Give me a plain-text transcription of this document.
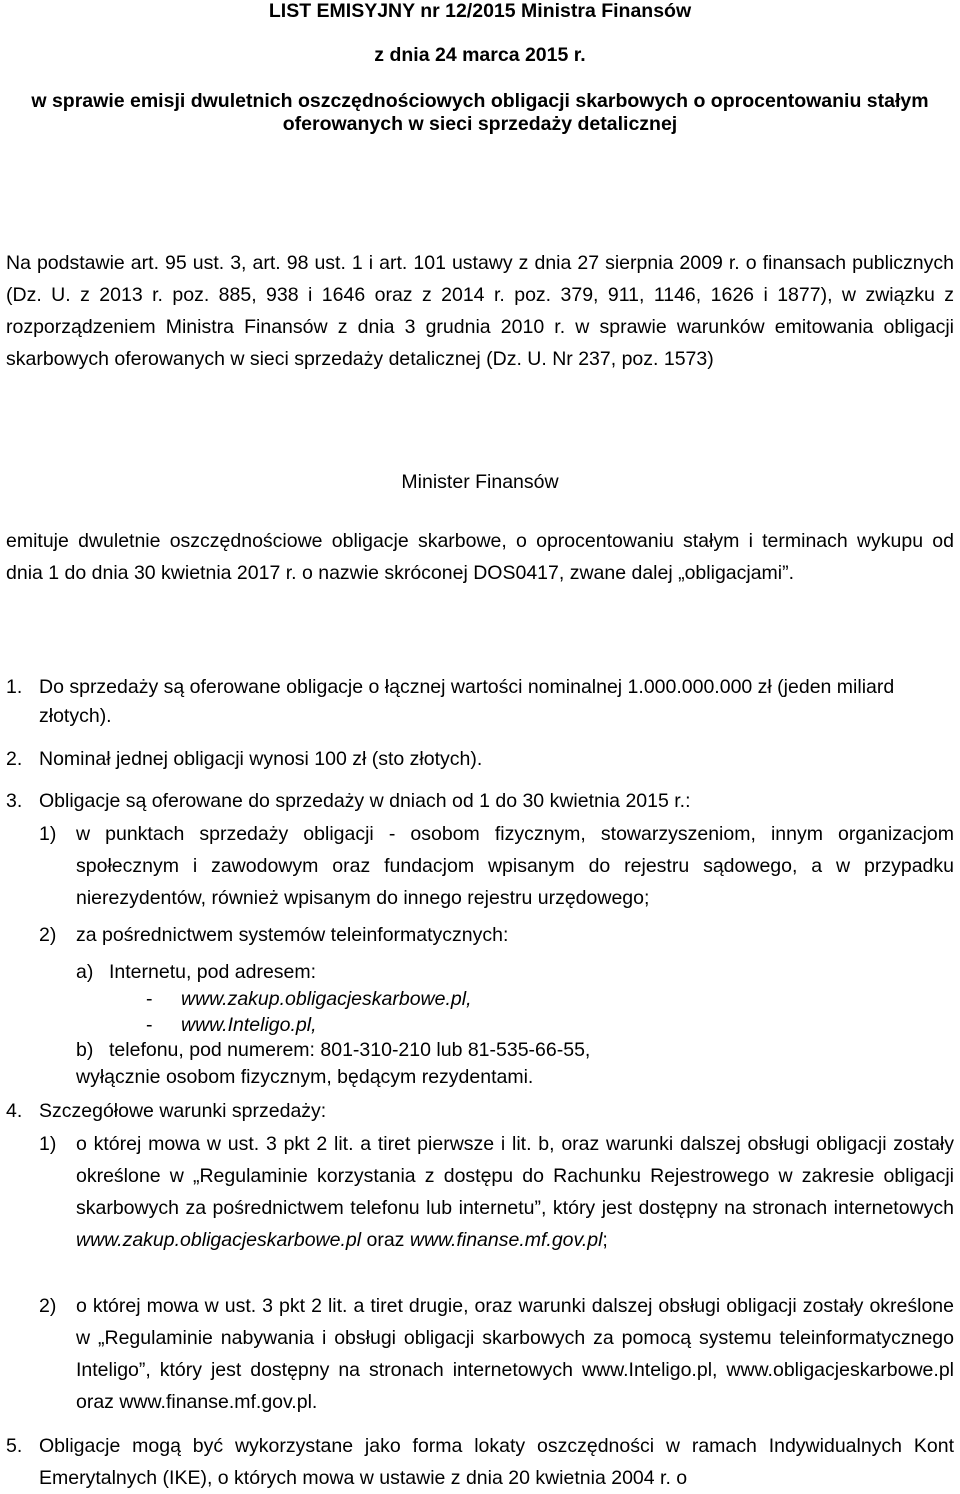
LIST EMISYJNY nr 12/2015 Ministra Finansów
z dnia 24 marca 2015 r.
w sprawie emisji dwuletnich oszczędnościowych obligacji skarbowych o oprocentowaniu stałym oferowanych w sieci sprzedaży detalicznej
Na podstawie art. 95 ust. 3, art. 98 ust. 1 i art. 101 ustawy z dnia 27 sierpnia 2009 r. o finansach publicznych (Dz. U. z 2013 r. poz. 885, 938 i 1646 oraz z 2014 r. poz. 379, 911, 1146, 1626 i 1877), w związku z rozporządzeniem Ministra Finansów z dnia 3 grudnia 2010 r. w sprawie warunków emitowania obligacji skarbowych oferowanych w sieci sprzedaży detalicznej (Dz. U. Nr 237, poz. 1573)
Minister Finansów
emituje dwuletnie oszczędnościowe obligacje skarbowe, o oprocentowaniu stałym i terminach wykupu od dnia 1 do dnia 30 kwietnia 2017 r. o nazwie skróconej DOS0417, zwane dalej „obligacjami”.
1. Do sprzedaży są oferowane obligacje o łącznej wartości nominalnej 1.000.000.000 zł (jeden miliard złotych).
2. Nominał jednej obligacji wynosi 100 zł (sto złotych).
3. Obligacje są oferowane do sprzedaży w dniach od 1 do 30 kwietnia 2015 r.:
1) w punktach sprzedaży obligacji - osobom fizycznym, stowarzyszeniom, innym organizacjom społecznym i zawodowym oraz fundacjom wpisanym do rejestru sądowego, a w przypadku nierezydentów, również wpisanym do innego rejestru urzędowego;
2) za pośrednictwem systemów teleinformatycznych:
a) Internetu, pod adresem:
- www.zakup.obligacjeskarbowe.pl,
- www.Inteligo.pl,
b) telefonu, pod numerem: 801-310-210 lub 81-535-66-55,
wyłącznie osobom fizycznym, będącym rezydentami.
4. Szczegółowe warunki sprzedaży:
1) o której mowa w ust. 3 pkt 2 lit. a tiret pierwsze i lit. b, oraz warunki dalszej obsługi obligacji zostały określone w „Regulaminie korzystania z dostępu do Rachunku Rejestrowego w zakresie obligacji skarbowych za pośrednictwem telefonu lub internetu”, który jest dostępny na stronach internetowych www.zakup.obligacjeskarbowe.pl oraz www.finanse.mf.gov.pl;
2) o której mowa w ust. 3 pkt 2 lit. a tiret drugie, oraz warunki dalszej obsługi obligacji zostały określone w „Regulaminie nabywania i obsługi obligacji skarbowych za pomocą systemu teleinformatycznego Inteligo”, który jest dostępny na stronach internetowych www.Inteligo.pl, www.obligacjeskarbowe.pl oraz www.finanse.mf.gov.pl.
5. Obligacje mogą być wykorzystane jako forma lokaty oszczędności w ramach Indywidualnych Kont Emerytalnych (IKE), o których mowa w ustawie z dnia 20 kwietnia 2004 r. o
